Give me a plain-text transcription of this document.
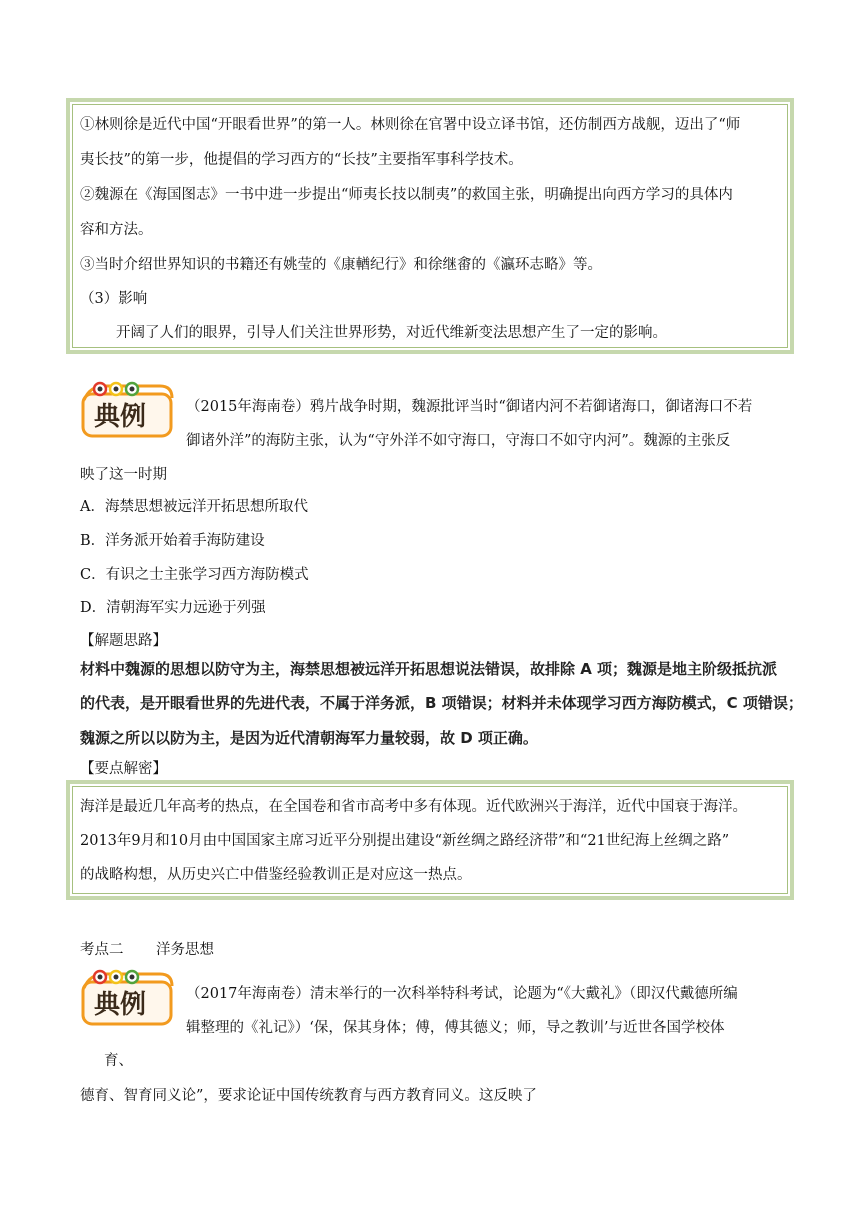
①林则徐是近代中国“开眼看世界”的第一人。林则徐在官署中设立译书馆，还仿制西方战舰，迈出了“师
夷长技”的第一步，他提倡的学习西方的“长技”主要指军事科学技术。
②魏源在《海国图志》一书中进一步提出“师夷长技以制夷”的救国主张，明确提出向西方学习的具体内
容和方法。
③当时介绍世界知识的书籍还有姚莹的《康輶纪行》和徐继畬的《瀛环志略》等。
（3）影响
开阔了人们的眼界，引导人们关注世界形势，对近代维新变法思想产生了一定的影响。
典例	（2015年海南卷）鸦片战争时期，魏源批评当时“御诸内河不若御诸海口，御诸海口不若
御诸外洋”的海防主张，认为“守外洋不如守海口，守海口不如守内河”。魏源的主张反
映了这一时期
A．海禁思想被远洋开拓思想所取代
B．洋务派开始着手海防建设
C．有识之士主张学习西方海防模式
D．清朝海军实力远逊于列强
【解题思路】
材料中魏源的思想以防守为主，海禁思想被远洋开拓思想说法错误，故排除 A 项；魏源是地主阶级抵抗派
的代表，是开眼看世界的先进代表，不属于洋务派，B 项错误；材料并未体现学习西方海防模式，C 项错误；
魏源之所以以防为主，是因为近代清朝海军力量较弱，故 D 项正确。
【要点解密】
海洋是最近几年高考的热点，在全国卷和省市高考中多有体现。近代欧洲兴于海洋，近代中国衰于海洋。
2013年9月和10月由中国国家主席习近平分别提出建设“新丝绸之路经济带”和“21世纪海上丝绸之路”
的战略构想，从历史兴亡中借鉴经验教训正是对应这一热点。
考点二 洋务思想
典例	（2017年海南卷）清末举行的一次科举特科考试，论题为“《大戴礼》（即汉代戴德所编
辑整理的《礼记》）‘保，保其身体；傅，傅其德义；师，导之教训’与近世各国学校体
育、
德育、智育同义论”，要求论证中国传统教育与西方教育同义。这反映了
